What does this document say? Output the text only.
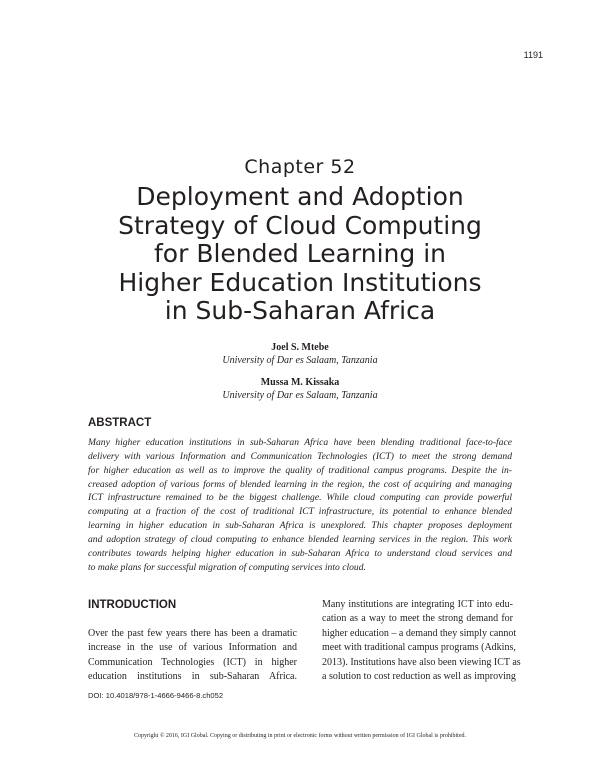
1191
Chapter 52
Deployment and Adoption
Strategy of Cloud Computing
for Blended Learning in
Higher Education Institutions
in Sub-Saharan Africa
Joel S. Mtebe
University of Dar es Salaam, Tanzania
Mussa M. Kissaka
University of Dar es Salaam, Tanzania
ABSTRACT
Many higher education institutions in sub-Saharan Africa have been blending traditional face-to-face
delivery with various Information and Communication Technologies (ICT) to meet the strong demand
for higher education as well as to improve the quality of traditional campus programs. Despite the in-
creased adoption of various forms of blended learning in the region, the cost of acquiring and managing
ICT infrastructure remained to be the biggest challenge. While cloud computing can provide powerful
computing at a fraction of the cost of traditional ICT infrastructure, its potential to enhance blended
learning in higher education in sub-Saharan Africa is unexplored. This chapter proposes deployment
and adoption strategy of cloud computing to enhance blended learning services in the region. This work
contributes towards helping higher education in sub-Saharan Africa to understand cloud services and
to make plans for successful migration of computing services into cloud.
INTRODUCTION
Over the past few years there has been a dramatic
increase in the use of various Information and
Communication Technologies (ICT) in higher
education institutions in sub-Saharan Africa.
Many institutions are integrating ICT into edu-
cation as a way to meet the strong demand for
higher education – a demand they simply cannot
meet with traditional campus programs (Adkins,
2013). Institutions have also been viewing ICT as
a solution to cost reduction as well as improving
DOI: 10.4018/978-1-4666-9466-8.ch052
Copyright © 2016, IGI Global. Copying or distributing in print or electronic forms without written permission of IGI Global is prohibited.
